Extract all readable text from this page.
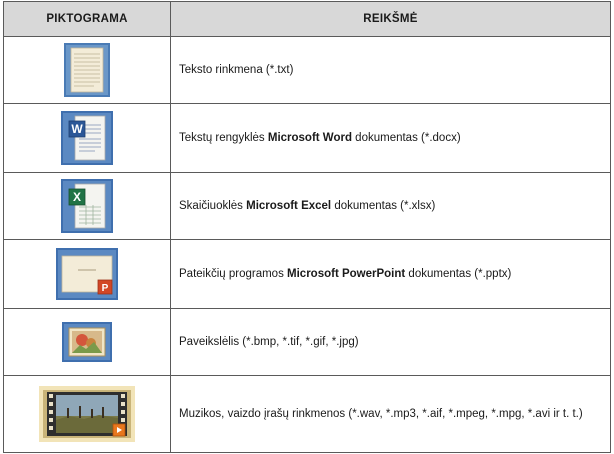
PIKTOGRAMA	REIKŠMĖ

	Teksto rinkmena (*.txt)

W	Tekstų rengyklės Microsoft Word dokumentas (*.docx)

X	Skaičiuoklės Microsoft Excel dokumentas (*.xlsx)

P	Pateikčių programos Microsoft PowerPoint dokumentas (*.pptx)

	Paveikslėlis (*.bmp, *.tif, *.gif, *.jpg)

	Muzikos, vaizdo įrašų rinkmenos (*.wav, *.mp3, *.aif, *.mpeg, *.mpg, *.avi ir t. t.)
